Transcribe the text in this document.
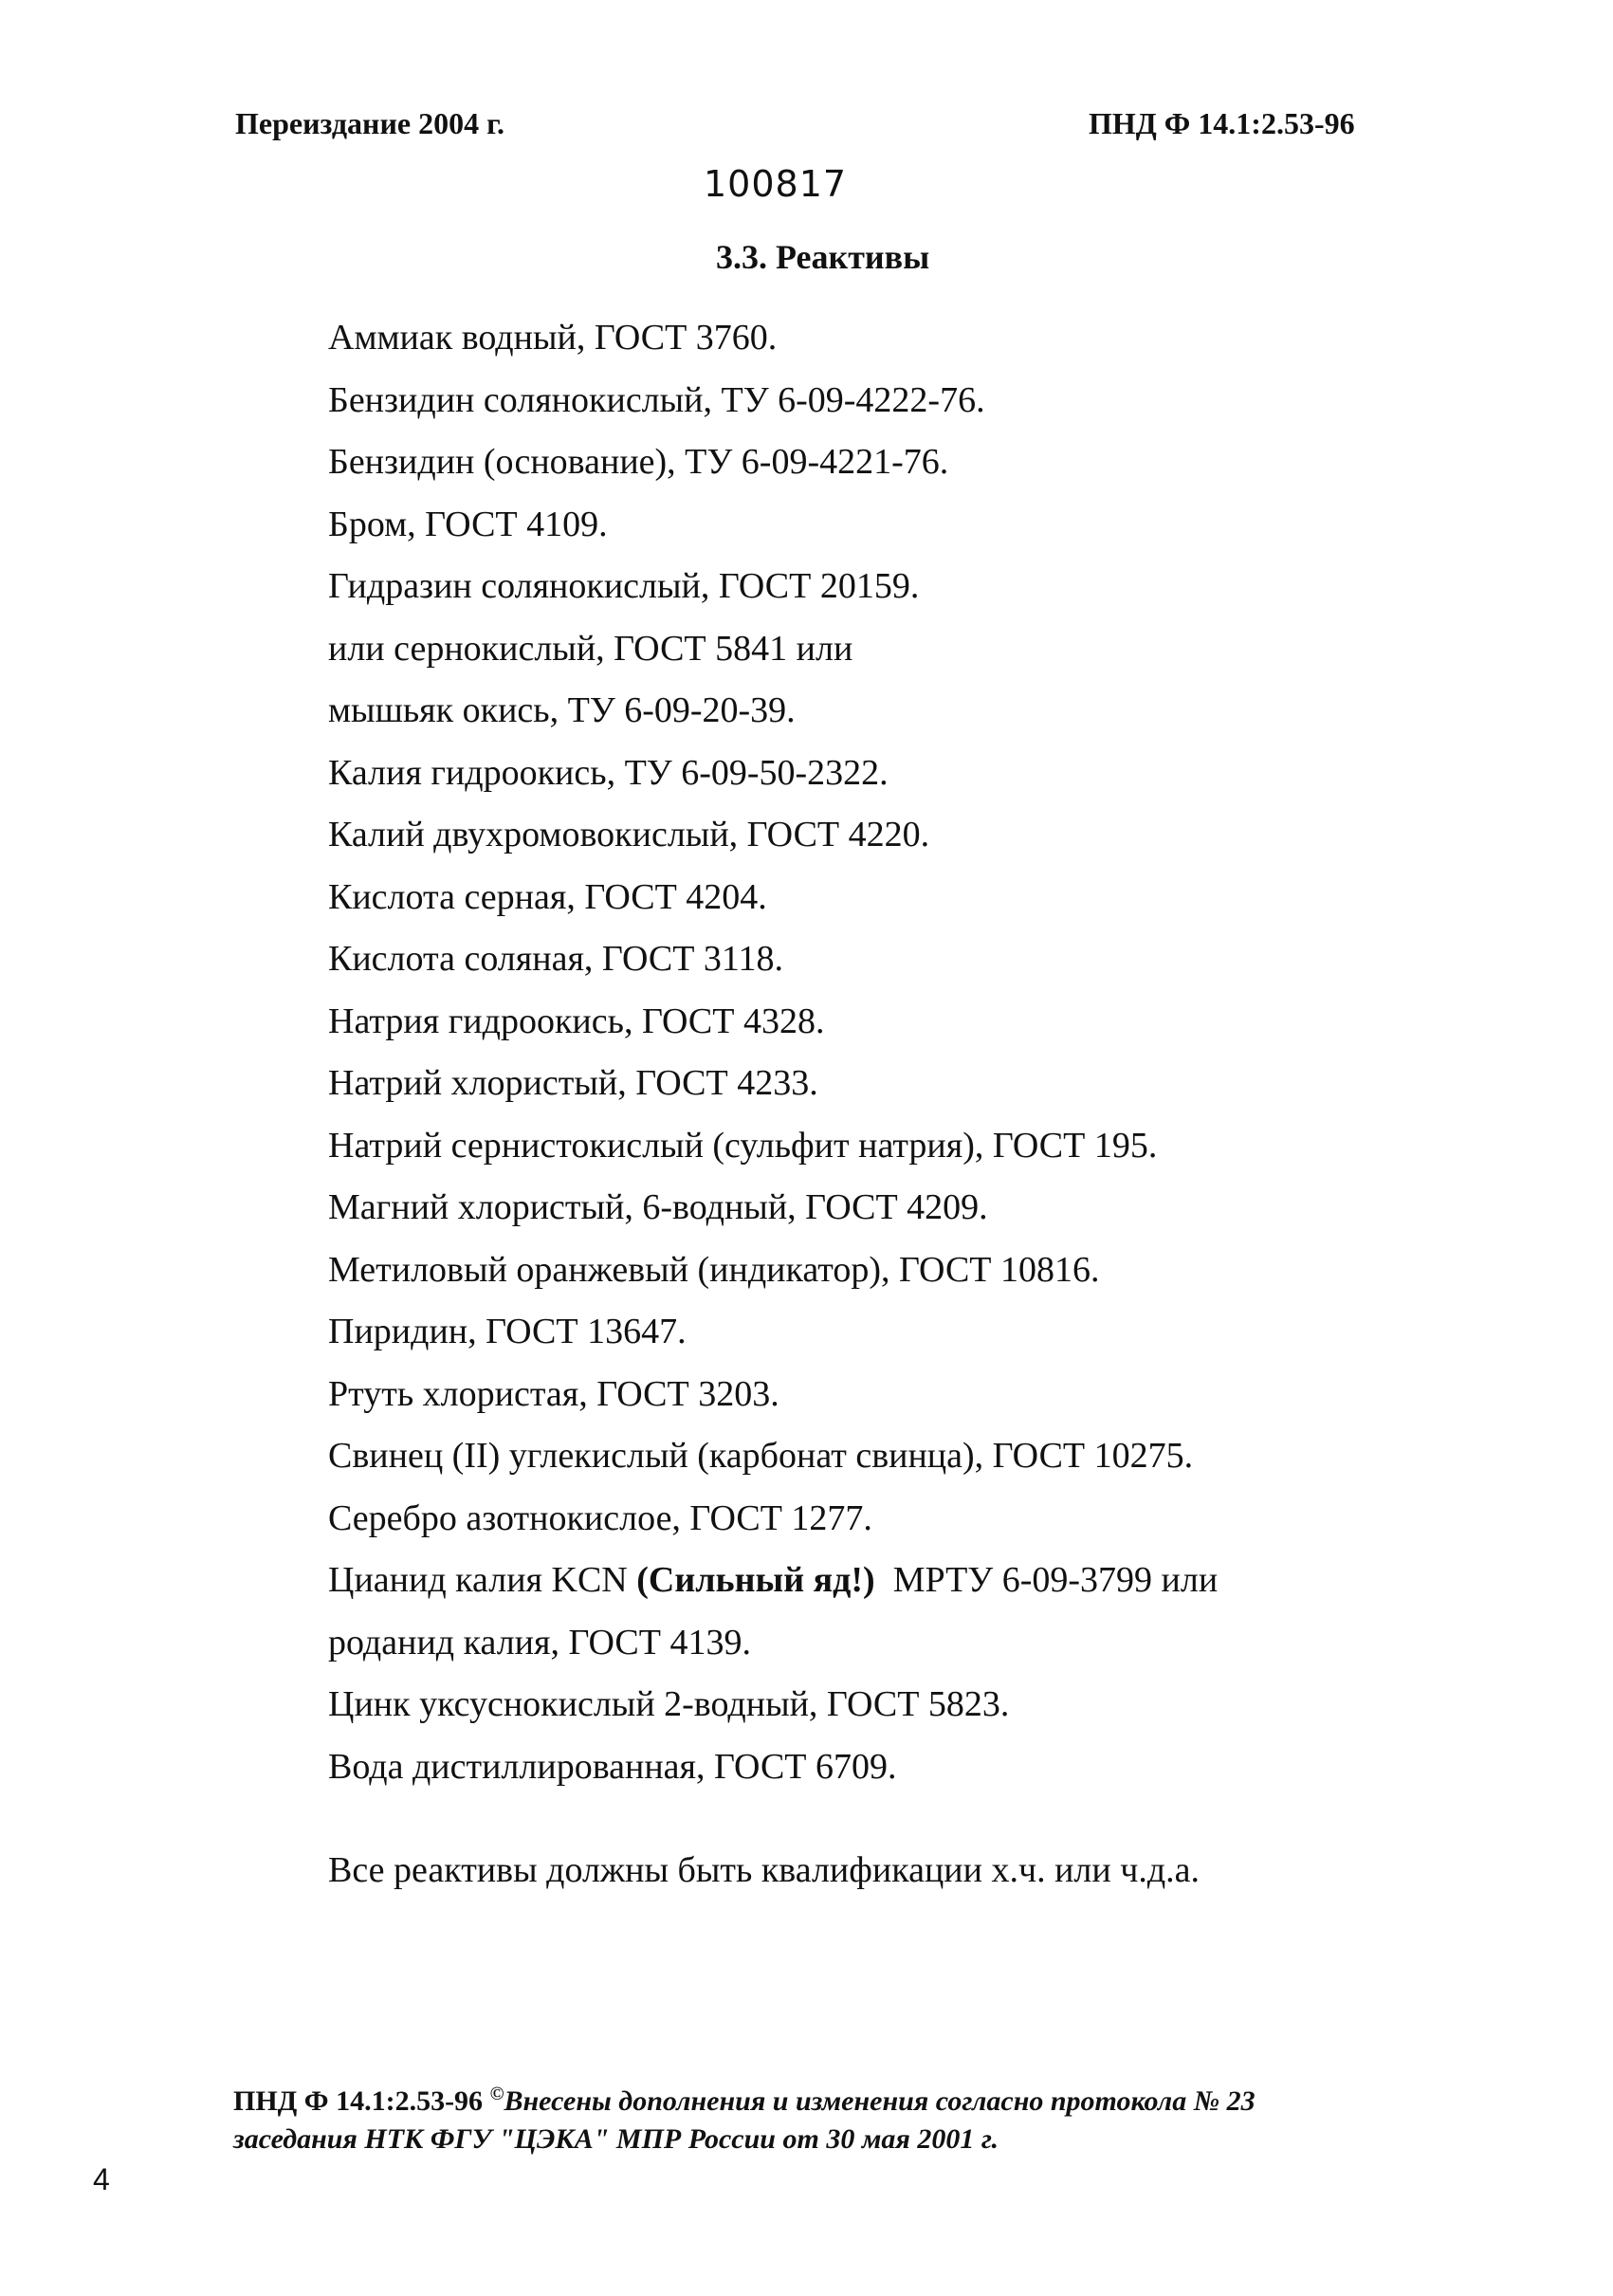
Переиздание 2004 г.	ПНД Ф 14.1:2.53-96
100817
3.3. Реактивы
Аммиак водный, ГОСТ 3760.
Бензидин солянокислый, ТУ 6-09-4222-76.
Бензидин (основание), ТУ 6-09-4221-76.
Бром, ГОСТ 4109.
Гидразин солянокислый, ГОСТ 20159.
или сернокислый, ГОСТ 5841 или
мышьяк окись, ТУ 6-09-20-39.
Калия гидроокись, ТУ 6-09-50-2322.
Калий двухромовокислый, ГОСТ 4220.
Кислота серная, ГОСТ 4204.
Кислота соляная, ГОСТ 3118.
Натрия гидроокись, ГОСТ 4328.
Натрий хлористый, ГОСТ 4233.
Натрий сернистокислый (сульфит натрия), ГОСТ 195.
Магний хлористый, 6-водный, ГОСТ 4209.
Метиловый оранжевый (индикатор), ГОСТ 10816.
Пиридин, ГОСТ 13647.
Ртуть хлористая, ГОСТ 3203.
Свинец (II) углекислый (карбонат свинца), ГОСТ 10275.
Серебро азотнокислое, ГОСТ 1277.
Цианид калия KCN (Сильный яд!)  МРТУ 6-09-3799 или
роданид калия, ГОСТ 4139.
Цинк уксуснокислый 2-водный, ГОСТ 5823.
Вода дистиллированная, ГОСТ 6709.
Все реактивы должны быть квалификации х.ч. или ч.д.а.
ПНД Ф 14.1:2.53-96 ©Внесены дополнения и изменения согласно протокола № 23
заседания НТК ФГУ "ЦЭКА" МПР России от 30 мая 2001 г.
4
